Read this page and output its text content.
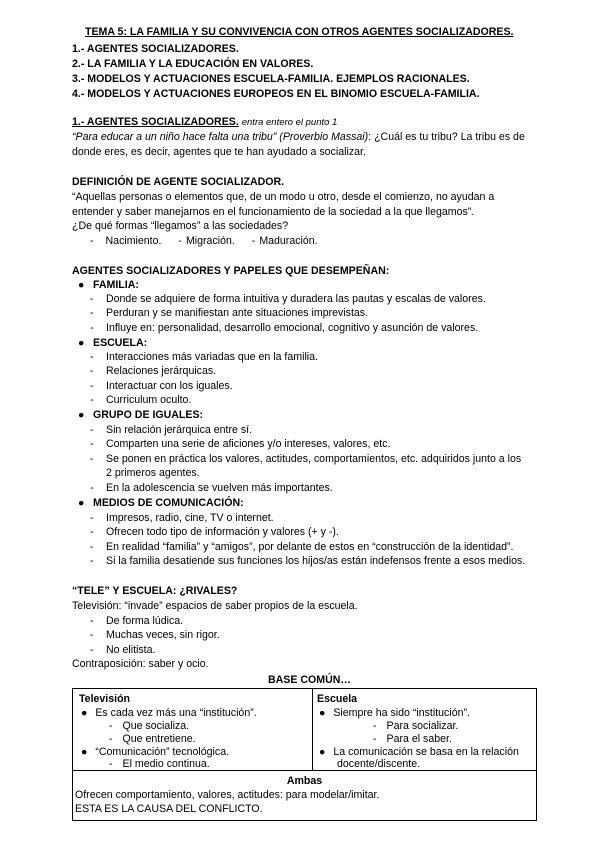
TEMA 5: LA FAMILIA Y SU CONVIVENCIA CON OTROS AGENTES SOCIALIZADORES.
1.- AGENTES SOCIALIZADORES.
2.- LA FAMILIA Y LA EDUCACIÓN EN VALORES.
3.- MODELOS Y ACTUACIONES ESCUELA-FAMILIA. EJEMPLOS RACIONALES.
4.- MODELOS Y ACTUACIONES EUROPEOS EN EL BINOMIO ESCUELA-FAMILIA.
1.- AGENTES SOCIALIZADORES. entra entero el punto 1
“Para educar a un niño hace falta una tribu” (Proverbio Massai): ¿Cuál es tu tribu? La tribu es de
donde eres, es decir, agentes que te han ayudado a socializar.
DEFINICIÓN DE AGENTE SOCIALIZADOR.
“Aquellas personas o elementos que, de un modo u otro, desde el comienzo, no ayudan a
entender y saber manejarnos en el funcionamiento de la sociedad a la que llegamos”.
¿De qué formas “llegamos” a las sociedades?
- Nacimiento. - Migración. - Maduración.
AGENTES SOCIALIZADORES Y PAPELES QUE DESEMPEÑAN:
● FAMILIA:
- Donde se adquiere de forma intuitiva y duradera las pautas y escalas de valores.
- Perduran y se manifiestan ante situaciones imprevistas.
- Influye en: personalidad, desarrollo emocional, cognitivo y asunción de valores.
● ESCUELA:
- Interacciones más variadas que en la familia.
- Relaciones jerárquicas.
- Interactuar con los iguales.
- Curriculum oculto.
● GRUPO DE IGUALES:
- Sin relación jerárquica entre sí.
- Comparten una serie de aficiones y/o intereses, valores, etc.
- Se ponen en práctica los valores, actitudes, comportamientos, etc. adquiridos junto a los
2 primeros agentes.
- En la adolescencia se vuelven más importantes.
● MEDIOS DE COMUNICACIÓN:
- Impresos, radio, cine, TV o internet.
- Ofrecen todo tipo de información y valores (+ y -).
- En realidad “familia” y “amigos”, por delante de estos en “construcción de la identidad”.
- Si la familia desatiende sus funciones los hijos/as están indefensos frente a esos medios.
“TELE” Y ESCUELA: ¿RIVALES?
Televisión: “invade” espacios de saber propios de la escuela.
- De forma lúdica.
- Muchas veces, sin rigor.
- No elitista.
Contraposición: saber y ocio.
BASE COMÚN…
Televisión
● Es cada vez más una “institución”.
- Que socializa.
- Que entretiene.
● “Comunicación” tecnológica.
- El medio continua.

Escuela
● Siempre ha sido “institución”.
- Para socializar.
- Para el saber.
● La comunicación se basa en la relación
docente/discente.

Ambas
Ofrecen comportamiento, valores, actitudes: para modelar/imitar.
ESTA ES LA CAUSA DEL CONFLICTO.
